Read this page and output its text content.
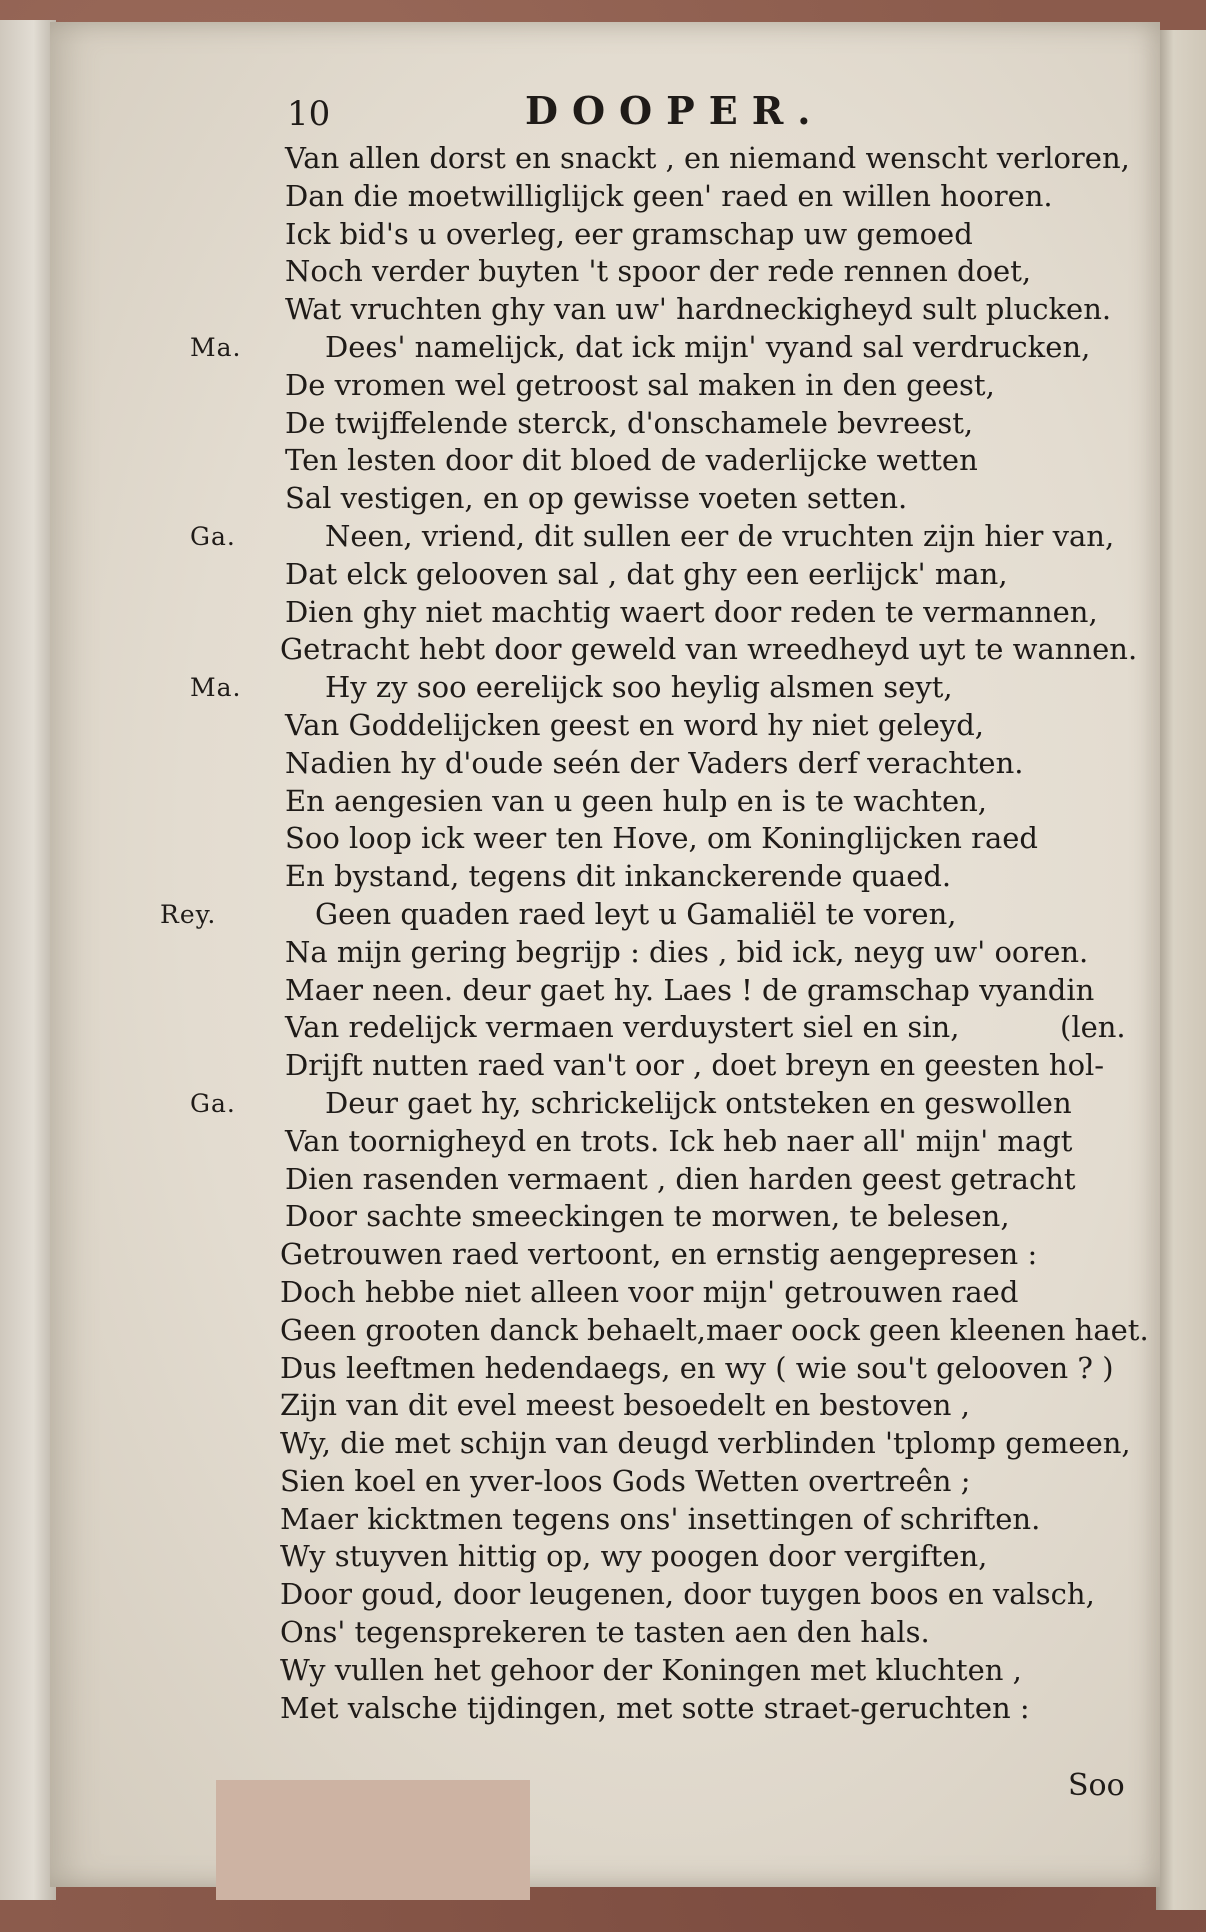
10	DOOPER.
Van allen dorst en snackt , en niemand wenscht verloren,
Dan die moetwilliglijck geen' raed en willen hooren.
Ick bid's u overleg, eer gramschap uw gemoed
Noch verder buyten 't spoor der rede rennen doet,
Wat vruchten ghy van uw' hardneckigheyd sult plucken.
Ma.	Dees' namelijck, dat ick mijn' vyand sal verdrucken,
De vromen wel getroost sal maken in den geest,
De twijffelende sterck, d'onschamele bevreest,
Ten lesten door dit bloed de vaderlijcke wetten
Sal vestigen, en op gewisse voeten setten.
Ga.	Neen, vriend, dit sullen eer de vruchten zijn hier van,
Dat elck gelooven sal , dat ghy een eerlijck' man,
Dien ghy niet machtig waert door reden te vermannen,
Getracht hebt door geweld van wreedheyd uyt te wannen.
Ma.	Hy zy soo eerelijck soo heylig alsmen seyt,
Van Goddelijcken geest en word hy niet geleyd,
Nadien hy d'oude seén der Vaders derf verachten.
En aengesien van u geen hulp en is te wachten,
Soo loop ick weer ten Hove, om Koninglijcken raed
En bystand, tegens dit inkanckerende quaed.
Rey.	Geen quaden raed leyt u Gamaliël te voren,
Na mijn gering begrijp : dies , bid ick, neyg uw' ooren.
Maer neen. deur gaet hy. Laes ! de gramschap vyandin
Van redelijck vermaen verduystert siel en sin,	(len.
Drijft nutten raed van't oor , doet breyn en geesten hol-
Ga.	Deur gaet hy, schrickelijck ontsteken en geswollen
Van toornigheyd en trots. Ick heb naer all' mijn' magt
Dien rasenden vermaent , dien harden geest getracht
Door sachte smeeckingen te morwen, te belesen,
Getrouwen raed vertoont, en ernstig aengepresen :
Doch hebbe niet alleen voor mijn' getrouwen raed
Geen grooten danck behaelt,maer oock geen kleenen haet.
Dus leeftmen hedendaegs, en wy ( wie sou't gelooven ? )
Zijn van dit evel meest besoedelt en bestoven ,
Wy, die met schijn van deugd verblinden 'tplomp gemeen,
Sien koel en yver-loos Gods Wetten overtreên ;
Maer kicktmen tegens ons' insettingen of schriften.
Wy stuyven hittig op, wy poogen door vergiften,
Door goud, door leugenen, door tuygen boos en valsch,
Ons' tegensprekeren te tasten aen den hals.
Wy vullen het gehoor der Koningen met kluchten ,
Met valsche tijdingen, met sotte straet-geruchten :
Soo
